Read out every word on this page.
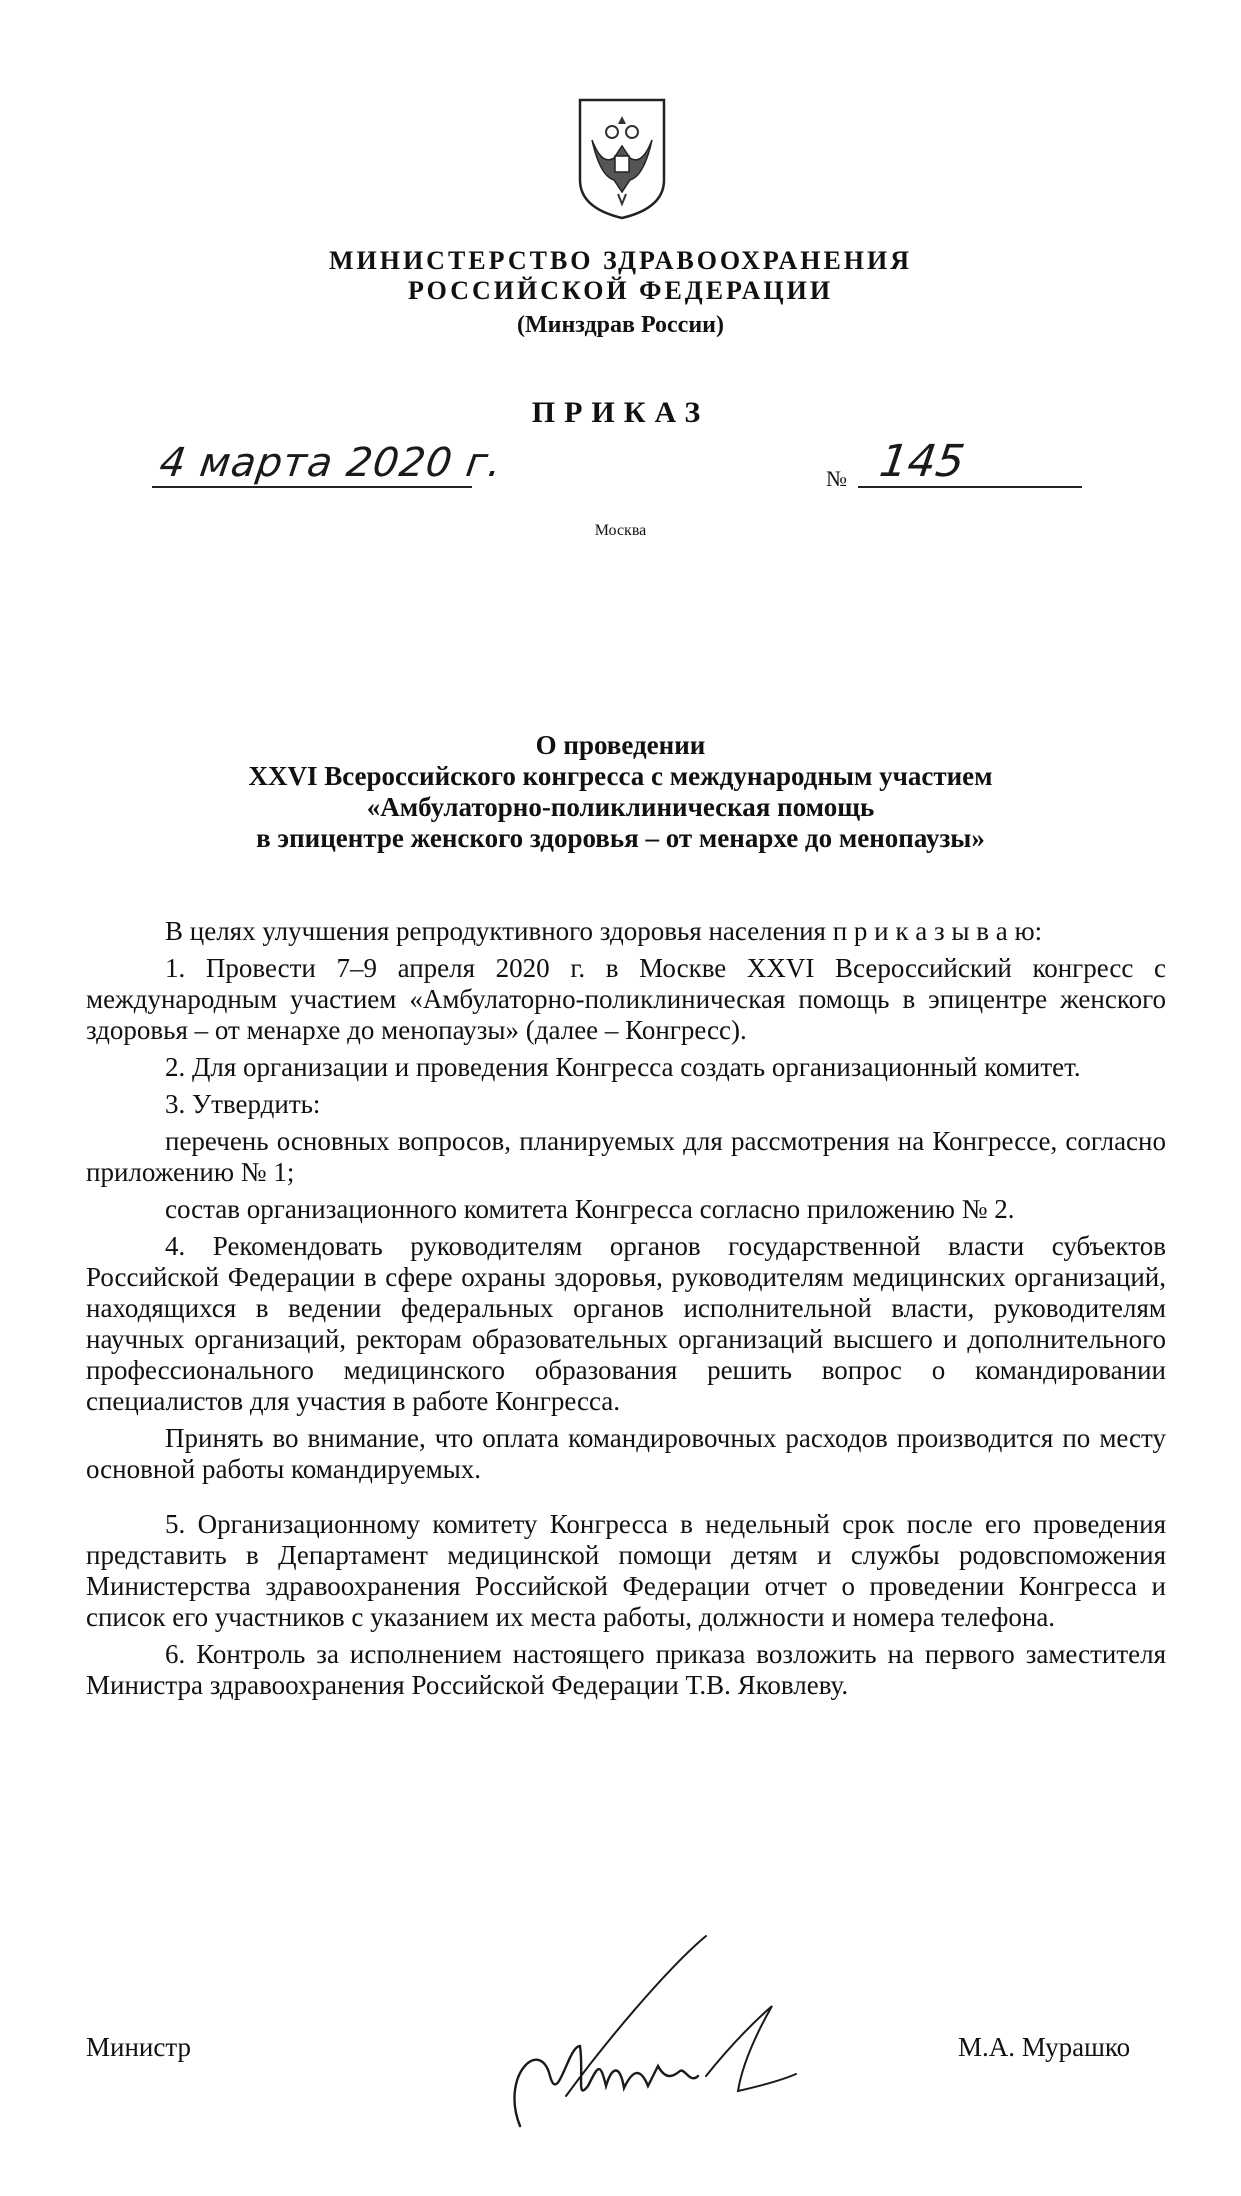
МИНИСТЕРСТВО ЗДРАВООХРАНЕНИЯ
РОССИЙСКОЙ ФЕДЕРАЦИИ
(Минздрав России)
ПРИКАЗ
4 марта 2020 г.	№ 145
Москва
О проведении
XXVI Всероссийского конгресса с международным участием
«Амбулаторно-поликлиническая помощь
в эпицентре женского здоровья – от менархе до менопаузы»

В целях улучшения репродуктивного здоровья населения п р и к а з ы в а ю:

1. Провести 7–9 апреля 2020 г. в Москве XXVI Всероссийский конгресс с международным участием «Амбулаторно-поликлиническая помощь в эпицентре женского здоровья – от менархе до менопаузы» (далее – Конгресс).

2. Для организации и проведения Конгресса создать организационный комитет.

3. Утвердить:

перечень основных вопросов, планируемых для рассмотрения на Конгрессе, согласно приложению № 1;

состав организационного комитета Конгресса согласно приложению № 2.

4. Рекомендовать руководителям органов государственной власти субъектов Российской Федерации в сфере охраны здоровья, руководителям медицинских организаций, находящихся в ведении федеральных органов исполнительной власти, руководителям научных организаций, ректорам образовательных организаций высшего и дополнительного профессионального медицинского образования решить вопрос о командировании специалистов для участия в работе Конгресса.

Принять во внимание, что оплата командировочных расходов производится по месту основной работы командируемых.

5. Организационному комитету Конгресса в недельный срок после его проведения представить в Департамент медицинской помощи детям и службы родовспоможения Министерства здравоохранения Российской Федерации отчет о проведении Конгресса и список его участников с указанием их места работы, должности и номера телефона.

6. Контроль за исполнением настоящего приказа возложить на первого заместителя Министра здравоохранения Российской Федерации Т.В. Яковлеву.

Министр	М.А. Мурашко
